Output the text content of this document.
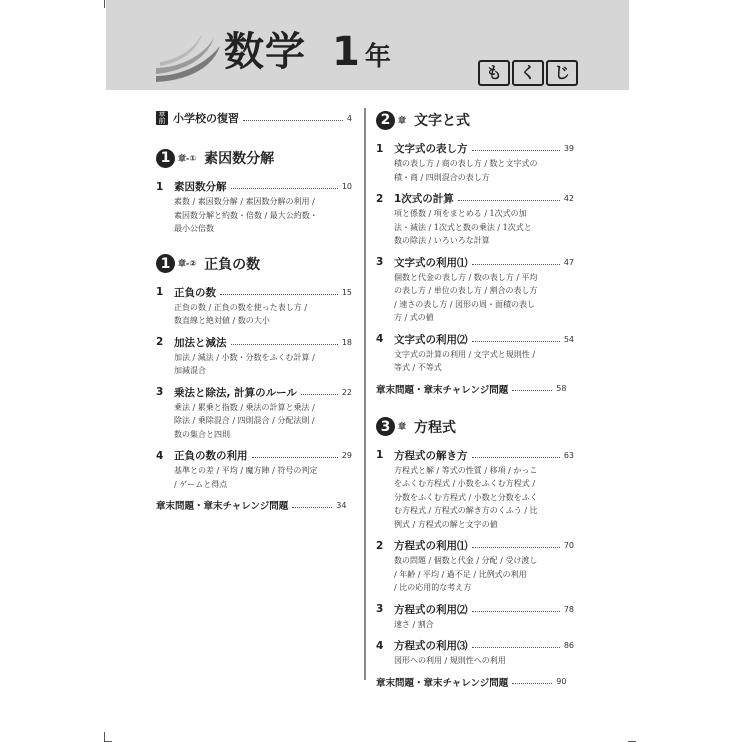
数学 1 年
も	く	じ
章前 小学校の復習	4
1 章-① 素因数分解
1	素因数分解	10
素数 / 素因数分解 / 素因数分解の利用 /
素因数分解と約数・倍数 / 最大公約数・
最小公倍数
1 章-② 正負の数
1	正負の数	15
正負の数 / 正負の数を使った表し方 /
数直線と絶対値 / 数の大小
2	加法と減法	18
加法 / 減法 / 小数・分数をふくむ計算 /
加減混合
3	乗法と除法, 計算のルール	22
乗法 / 累乗と指数 / 乗法の計算と乗法 /
除法 / 乗除混合 / 四則混合 / 分配法則 /
数の集合と四則
4	正負の数の利用	29
基準との差 / 平均 / 魔方陣 / 符号の判定
/ ゲームと得点
章末問題・章末チャレンジ問題	34
2 章 文字と式
1	文字式の表し方	39
積の表し方 / 商の表し方 / 数と文字式の
積・商 / 四則混合の表し方
2	1次式の計算	42
項と係数 / 項をまとめる / 1次式の加
法・減法 / 1次式と数の乗法 / 1次式と
数の除法 / いろいろな計算
3	文字式の利用⑴	47
個数と代金の表し方 / 数の表し方 / 平均
の表し方 / 単位の表し方 / 割合の表し方
/ 速さの表し方 / 図形の周・面積の表し
方 / 式の値
4	文字式の利用⑵	54
文字式の計算の利用 / 文字式と規則性 /
等式 / 不等式
章末問題・章末チャレンジ問題	58
3 章 方程式
1	方程式の解き方	63
方程式と解 / 等式の性質 / 移項 / かっこ
をふくむ方程式 / 小数をふくむ方程式 /
分数をふくむ方程式 / 小数と分数をふく
む方程式 / 方程式の解き方のくふう / 比
例式 / 方程式の解と文字の値
2	方程式の利用⑴	70
数の問題 / 個数と代金 / 分配 / 受け渡し
/ 年齢 / 平均 / 過不足 / 比例式の利用
/ 比の応用的な考え方
3	方程式の利用⑵	78
速さ / 割合
4	方程式の利用⑶	86
図形への利用 / 規則性への利用
章末問題・章末チャレンジ問題	90
